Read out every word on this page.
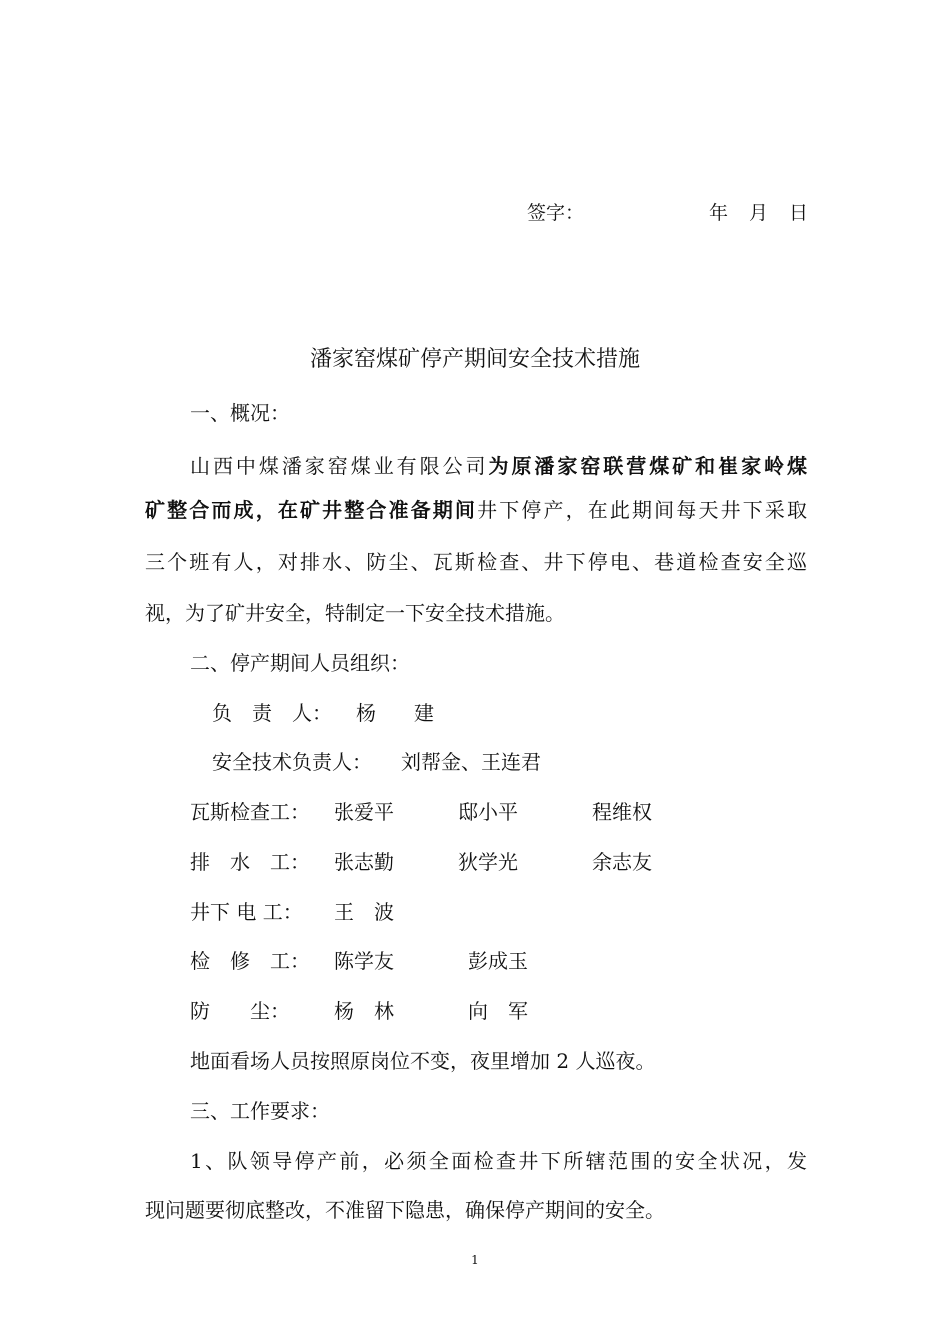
签字：	年 月 日
潘家窑煤矿停产期间安全技术措施
一、概况：
山西中煤潘家窑煤业有限公司为原潘家窑联营煤矿和崔家岭煤
矿整合而成，在矿井整合准备期间井下停产，在此期间每天井下采取
三个班有人，对排水、防尘、瓦斯检查、井下停电、巷道检查安全巡
视，为了矿井安全，特制定一下安全技术措施。
二、停产期间人员组织：
负　责　人： 杨 建
安全技术负责人： 刘帮金、王连君
瓦斯检查工： 张爱平	邸小平	程维权
排　水　工： 张志勤	狄学光	余志友
井下 电 工： 王　波
检　修　工： 陈学友	彭成玉
防　　尘： 杨　林	向　军
地面看场人员按照原岗位不变，夜里增加 2 人巡夜。
三、工作要求：
1、队领导停产前，必须全面检查井下所辖范围的安全状况，发
现问题要彻底整改，不准留下隐患，确保停产期间的安全。
1
